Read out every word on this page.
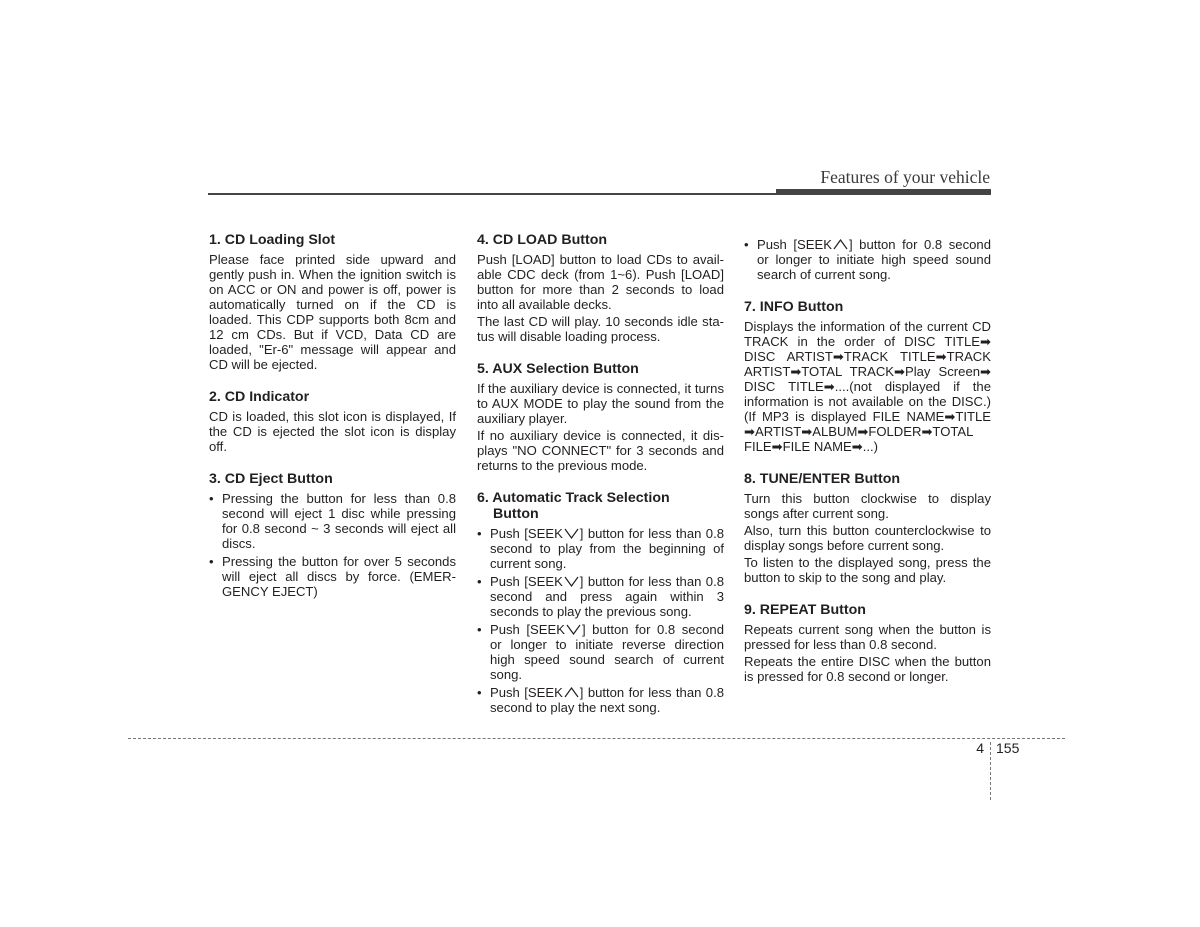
Features of your vehicle
1. CD Loading Slot

Please face printed side upward and gently push in. When the ignition switch is on ACC or ON and power is off, power is automatically turned on if the CD is loaded. This CDP supports both 8cm and 12 cm CDs. But if VCD, Data CD are loaded, "Er-6" message will appear and CD will be ejected.

2. CD Indicator

CD is loaded, this slot icon is displayed, If the CD is ejected the slot icon is display off.

3. CD Eject Button
• Pressing the button for less than 0.8 second will eject 1 disc while pressing for 0.8 second ~ 3 seconds will eject all discs.
• Pressing the button for over 5 seconds will eject all discs by force. (EMER-GENCY EJECT)
4. CD LOAD Button

Push [LOAD] button to load CDs to avail-able CDC deck (from 1~6). Push [LOAD] button for more than 2 seconds to load into all available decks.

The last CD will play. 10 seconds idle sta-tus will disable loading process.

5. AUX Selection Button

If the auxiliary device is connected, it turns to AUX MODE to play the sound from the auxiliary player.

If no auxiliary device is connected, it dis-plays "NO CONNECT" for 3 seconds and returns to the previous mode.

6. Automatic Track Selection
Button
• Push [SEEK ] button for less than 0.8 second to play from the beginning of current song.
• Push [SEEK ] button for less than 0.8 second and press again within 3 seconds to play the previous song.
• Push [SEEK ] button for 0.8 second or longer to initiate reverse direction high speed sound search of current song.
• Push [SEEK ] button for less than 0.8 second to play the next song.
• Push [SEEK ] button for 0.8 second or longer to initiate high speed sound search of current song.
7. INFO Button

Displays the information of the current CD TRACK in the order of DISC TITLE➡ DISC ARTIST➡TRACK TITLE➡TRACK ARTIST➡TOTAL TRACK➡Play Screen➡ DISC TITLE➡....(not displayed if the information is not available on the DISC.) (If MP3 is displayed FILE NAME➡TITLE ➡ARTIST➡ALBUM➡FOLDER➡TOTAL FILE➡FILE NAME➡...)

8. TUNE/ENTER Button

Turn this button clockwise to display songs after current song.

Also, turn this button counterclockwise to display songs before current song.

To listen to the displayed song, press the button to skip to the song and play.

9. REPEAT Button

Repeats current song when the button is pressed for less than 0.8 second.

Repeats the entire DISC when the button is pressed for 0.8 second or longer.

4 155
